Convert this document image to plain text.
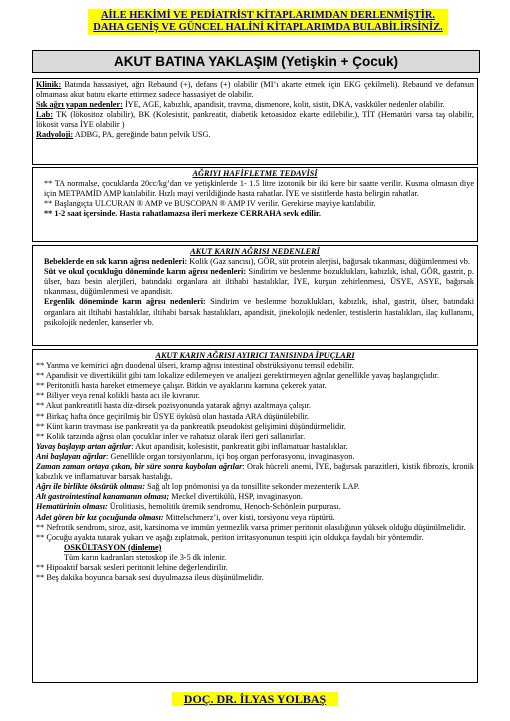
AİLE HEKİMİ VE PEDİATRİST KİTAPLARIMDAN DERLENMİŞTİR.
DAHA GENİŞ VE GÜNCEL HALİNİ KİTAPLARIMDA BULABİLİRSİNİZ.
AKUT BATINA YAKLAŞIM (Yetişkin + Çocuk)

Klinik: Batında hassasiyet, ağrı Rebaund (+), defans (+) olabilir (MI’ı akarte etmek için EKG çekilmeli). Rebaund ve defansın olmaması akut batını ekarte ettirmez sadece hassasiyet de olabilir.

Sık ağrı yapan nedenler: İYE, AGE, kabızlık, apandisit, travma, dismenore, kolit, sistit, DKA, vaskküler nedenler olabilir.

Lab: TK (lökositoz olabilir), BK (Kolesistit, pankreatit, diabetik ketoasidoz ekarte edilebilir.), TİT (Hematüri varsa taş olabilir, lökosit varsa İYE olabilir )

Radyoloji: ADBG, PA, gereğinde batın pelvik USG.

AĞRIYI HAFİFLETME TEDAVİSİ

** TA normalse, çocuklarda 20cc/kg’dan ve yetişkinlerde 1- 1.5 litre izotonik bir iki kere bir saatte verilir. Kusma olmasın diye için METPAMİD AMP katılabilir. Hızlı mayi verildiğinde hasta rahatlar. İYE ve sistitlerde hasta belirgin rahatlar.

** Başlangıçta ULCURAN ® AMP ve BUSCOPAN ® AMP IV verilir. Gerekirse mayiye katılabilir.

** 1-2 saat içersinde. Hasta rahatlamazsa ileri merkeze CERRAHA sevk edilir.

AKUT KARIN AĞRISI NEDENLERİ

Bebeklerde en sık karın ağrısı nedenleri: Kolik (Gaz sancısı), GÖR, süt protein alerjisi, bağırsak tıkanması, düğümlenmesi vb.

Süt ve okul çocukluğu döneminde karın ağrısı nedenleri: Sindirim ve beslenme bozuklukları, kabızlık, ishal, GÖR, gastrit, p. ülser, bazı besin alerjileri, batındaki organlara ait iltihabi hastalıklar, İYE, kurşun zehirlenmesi, ÜSYE, ASYE, bağırsak tıkanması, düğümlenmesi ve apandisit.

Ergenlik döneminde karın ağrısı nedenleri: Sindirim ve beslenme bozuklukları, kabızlık, ishal, gastrit, ülser, batındaki organlara ait iltihabi hastalıklar, iltihabi barsak hastalıkları, apandisit, jinekolojik nedenler, testislerin hastalıkları, ilaç kullanımı, psikolojik nedenler, kanserler vb.

AKUT KARIN AĞRISI AYIRICI TANISINDA İPUÇLARI

** Yanma ve kemirici ağrı duodenal ülseri, kramp ağrısı intestinal obstrüksiyonu temsil edebilir.

** Apandisit ve divertikülit gibi tam lokalize edilemeyen ve analjezi gerektirmeyen ağrılar genellikle yavaş başlangıçlıdır.

** Peritonitli hasta hareket etmemeye çalışır. Bitkin ve ayaklarını karnına çekerek yatar.

** Biliyer veya renal kolikli hasta acı ile kıvranır.

** Akut pankreatitli hasta diz-dirsek pozisyonunda yatarak ağrıyı azaltmaya çalışır.

** Birkaç hafta önce geçirilmiş bir ÜSYE öyküsü olan hastada ARA düşünülebilir.

** Künt karın travması ise pankreatit ya da pankreatik pseudokist gelişimini düşündürmelidir.

** Kolik tarzında ağrısı olan çocuklar inler ve rahatsız olarak ileri geri sallanırlar.

Yavaş başlayıp artan ağrılar: Akut apandisit, kolesistit, pankreatit gibi inflamatuar hastalıklar.

Ani başlayan ağrılar: Genellikle organ torsiyonlarını, içi boş organ perforasyonu, invaginasyon.

Zaman zaman ortaya çıkan, bir süre sonra kaybolan ağrılar: Orak hücreli anemi, İYE, bağırsak parazitleri, kistik fibrozis, kronik kabızlık ve inflamatuvar barsak hastalığı.

Ağrı ile birlikte öksürük olması: Sağ alt lop pnömonisi ya da tonsillite sekonder mezenterik LAP.

Alt gastrointestinal kanamanın olması; Meckel divertikülü, HSP, invaginasyon.

Hematürinin olması: Ürolitiasis, hemolitik üremik sendromu, Henoch-Schönlein purpurası.

Adet gören bir kız çocuğunda olması: Mittelschmerz’i, over kisti, torsiyonu veya rüptürü.

** Nefrotik sendrom, siroz, asit, karsinoma ve immün yetmezlik varsa primer peritonit olasılığının yüksek olduğu düşünülmelidir.

** Çocuğu ayakta tutarak yukarı ve aşağı zıplatmak, periton irritasyonunun tespiti için oldukça faydalı bir yöntemdir.

OSKÜLTASYON (dinleme)

Tüm karın kadranları stetoskop ile 3-5 dk inlenir.

** Hipoaktif barsak sesleri peritonit lehine değerlendirilir.

** Beş dakika boyunca barsak sesi duyulmazsa ileus düşünülmelidir.

DOÇ. DR. İLYAS YOLBAŞ
